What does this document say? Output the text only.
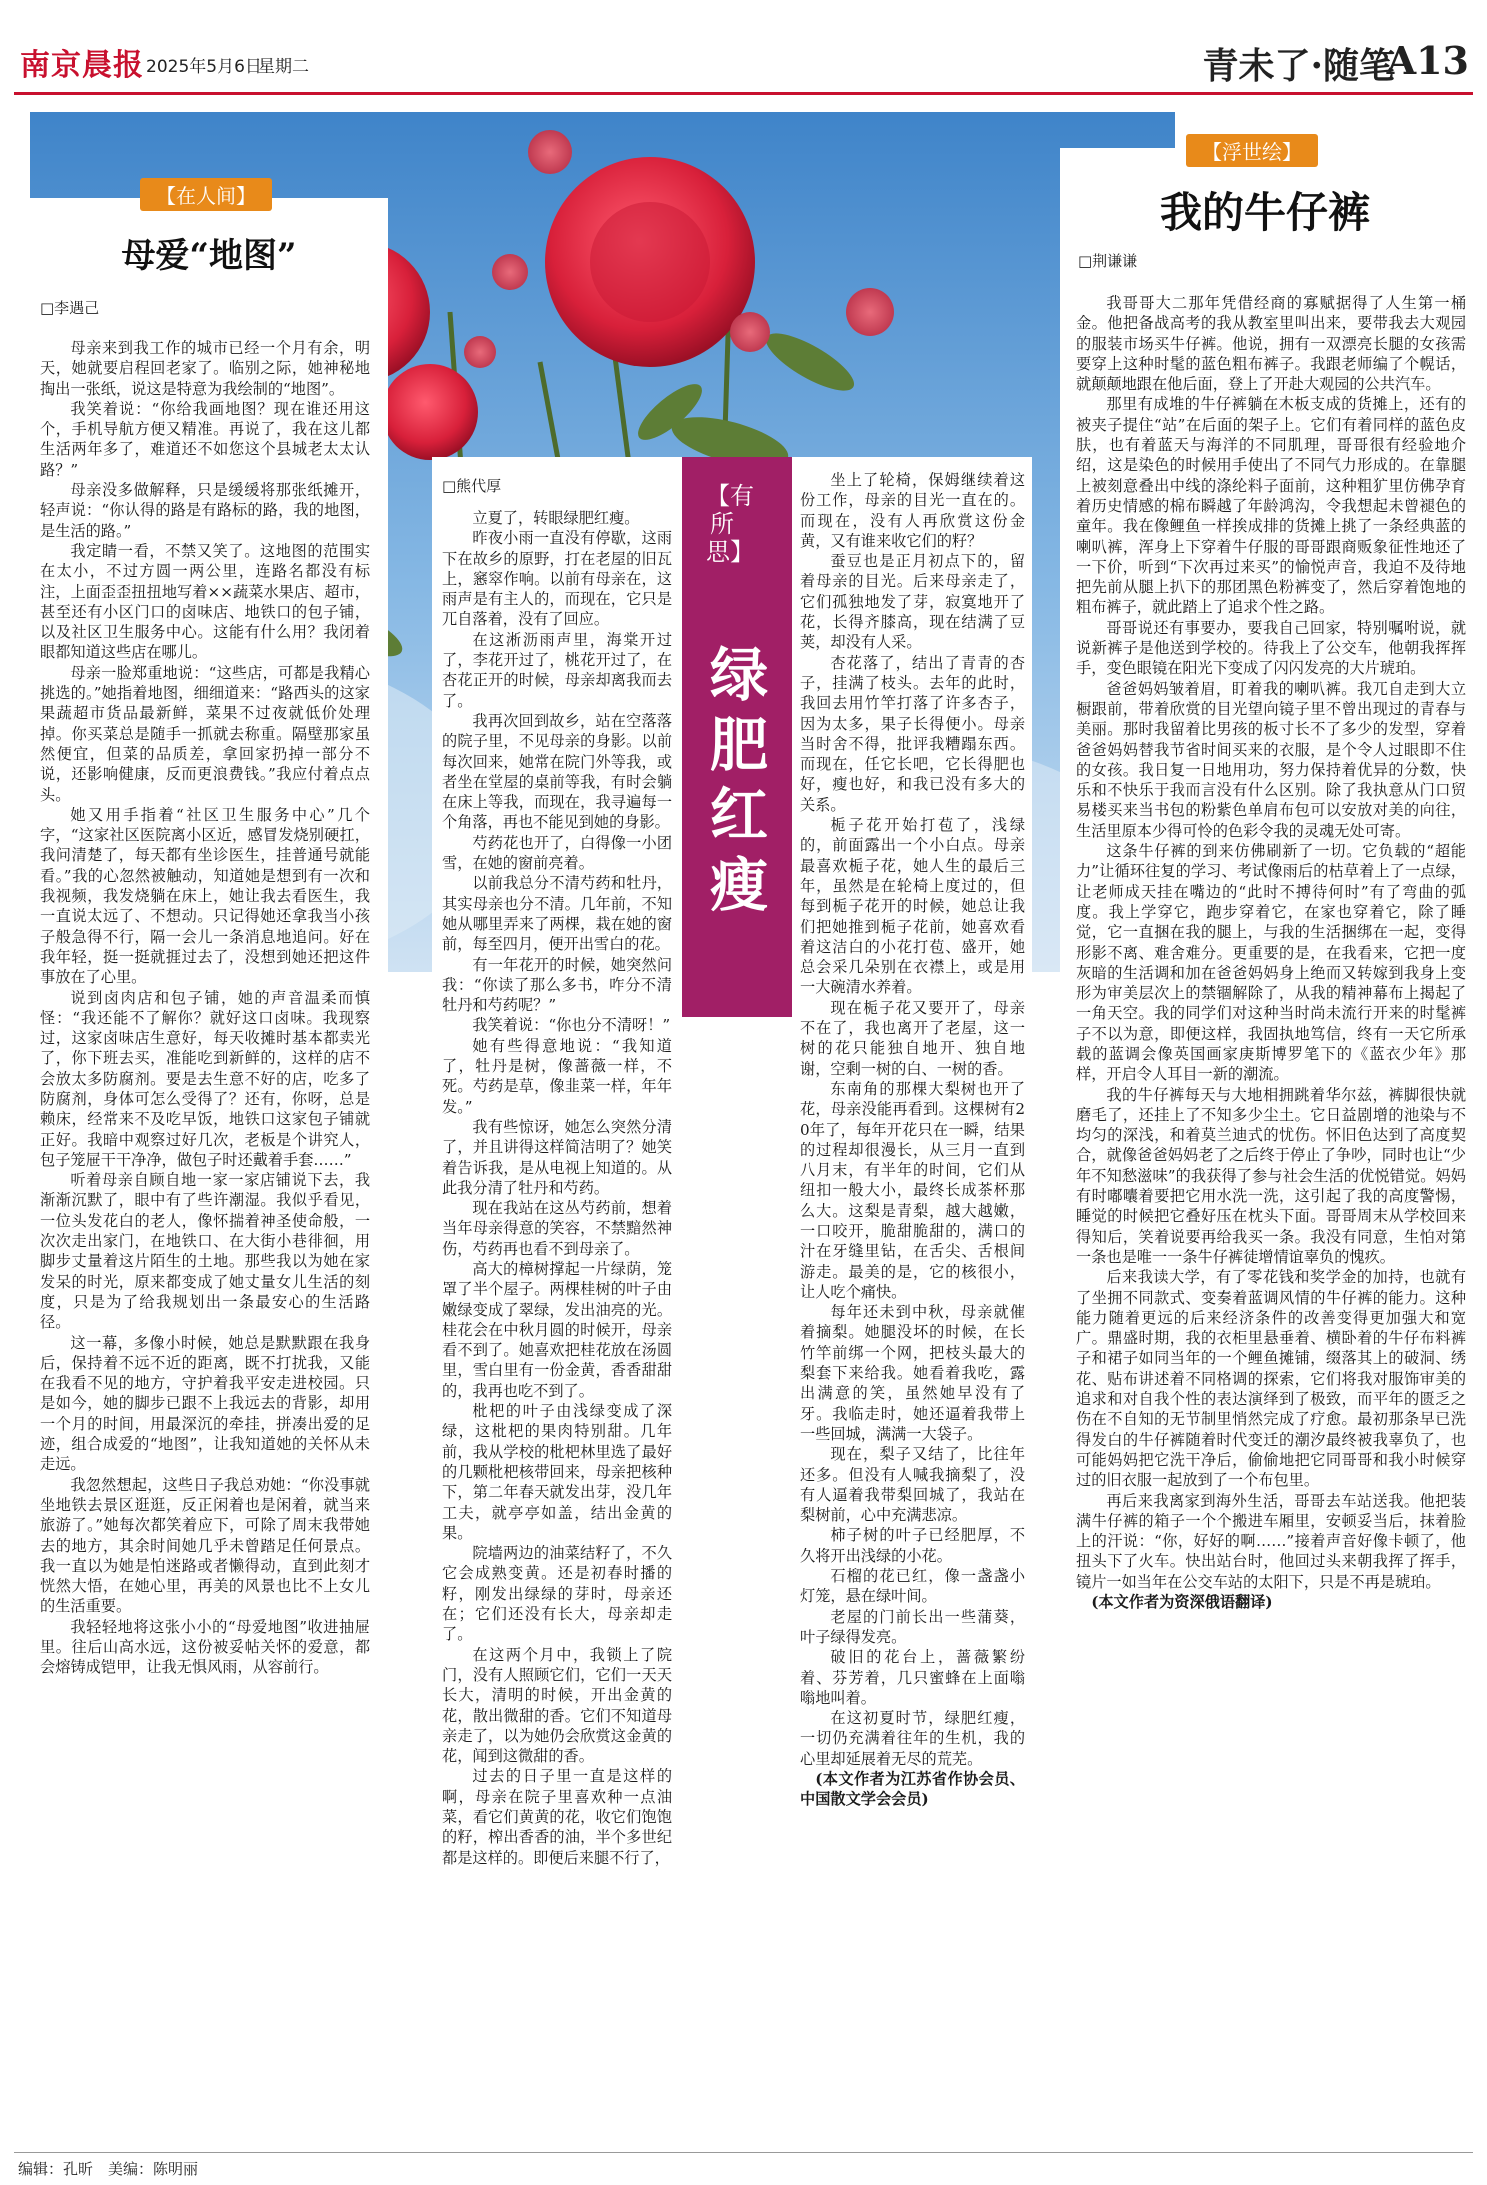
南京晨报 2025年5月6日
星期二	青未了·随笔
A13
【在人间】
母爱“地图”
□李遇己

母亲来到我工作的城市已经一个月有余，明天，她就要启程回老家了。临别之际，她神秘地掏出一张纸，说这是特意为我绘制的“地图”。

我笑着说：“你给我画地图？现在谁还用这个，手机导航方便又精准。再说了，我在这儿都生活两年多了，难道还不如您这个县城老太太认路？”

母亲没多做解释，只是缓缓将那张纸摊开，轻声说：“你认得的路是有路标的路，我的地图，是生活的路。”

我定睛一看，不禁又笑了。这地图的范围实在太小，不过方圆一两公里，连路名都没有标注，上面歪歪扭扭地写着××蔬菜水果店、超市，甚至还有小区门口的卤味店、地铁口的包子铺，以及社区卫生服务中心。这能有什么用？我闭着眼都知道这些店在哪儿。

母亲一脸郑重地说：“这些店，可都是我精心挑选的。”她指着地图，细细道来：“路西头的这家果蔬超市货品最新鲜，菜果不过夜就低价处理掉。你买菜总是随手一抓就去称重。隔壁那家虽然便宜，但菜的品质差，拿回家扔掉一部分不说，还影响健康，反而更浪费钱。”我应付着点点头。

她又用手指着“社区卫生服务中心”几个字，“这家社区医院离小区近，感冒发烧别硬扛，我问清楚了，每天都有坐诊医生，挂普通号就能看。”我的心忽然被触动，知道她是想到有一次和我视频，我发烧躺在床上，她让我去看医生，我一直说太远了、不想动。只记得她还拿我当小孩子般急得不行，隔一会儿一条消息地追问。好在我年轻，挺一挺就捱过去了，没想到她还把这件事放在了心里。

说到卤肉店和包子铺，她的声音温柔而慎怪：“我还能不了解你？就好这口卤味。我现察过，这家卤味店生意好，每天收摊时基本都卖光了，你下班去买，准能吃到新鲜的，这样的店不会放太多防腐剂。要是去生意不好的店，吃多了防腐剂，身体可怎么受得了？还有，你呀，总是赖床，经常来不及吃早饭，地铁口这家包子铺就正好。我暗中观察过好几次，老板是个讲究人，包子笼屉干干净净，做包子时还戴着手套……”

听着母亲自顾自地一家一家店铺说下去，我渐渐沉默了，眼中有了些许潮湿。我似乎看见，一位头发花白的老人，像怀揣着神圣使命般，一次次走出家门，在地铁口、在大街小巷徘徊，用脚步丈量着这片陌生的土地。那些我以为她在家发呆的时光，原来都变成了她丈量女儿生活的刻度，只是为了给我规划出一条最安心的生活路径。

这一幕，多像小时候，她总是默默跟在我身后，保持着不远不近的距离，既不打扰我，又能在我看不见的地方，守护着我平安走进校园。只是如今，她的脚步已跟不上我远去的背影，却用一个月的时间，用最深沉的牵挂，拼凑出爱的足迹，组合成爱的“地图”，让我知道她的关怀从未走远。

我忽然想起，这些日子我总劝她：“你没事就坐地铁去景区逛逛，反正闲着也是闲着，就当来旅游了。”她每次都笑着应下，可除了周末我带她去的地方，其余时间她几乎未曾踏足任何景点。我一直以为她是怕迷路或者懒得动，直到此刻才恍然大悟，在她心里，再美的风景也比不上女儿的生活重要。

我轻轻地将这张小小的“母爱地图”收进抽屉里。往后山高水远，这份被妥帖关怀的爱意，都会熔铸成铠甲，让我无惧风雨，从容前行。

□熊代厚

立夏了，转眼绿肥红瘦。

昨夜小雨一直没有停歇，这雨下在故乡的原野，打在老屋的旧瓦上，窸窣作响。以前有母亲在，这雨声是有主人的，而现在，它只是兀自落着，没有了回应。

在这淅沥雨声里，海棠开过了，李花开过了，桃花开过了，在杏花正开的时候，母亲却离我而去了。

我再次回到故乡，站在空落落的院子里，不见母亲的身影。以前每次回来，她常在院门外等我，或者坐在堂屋的桌前等我，有时会躺在床上等我，而现在，我寻遍每一个角落，再也不能见到她的身影。

芍药花也开了，白得像一小团雪，在她的窗前亮着。

以前我总分不清芍药和牡丹，其实母亲也分不清。几年前，不知她从哪里弄来了两棵，栽在她的窗前，每至四月，便开出雪白的花。

有一年花开的时候，她突然问我：“你读了那么多书，咋分不清牡丹和芍药呢？”

我笑着说：“你也分不清呀！”

她有些得意地说：“我知道了，牡丹是树，像蔷薇一样，不死。芍药是草，像韭菜一样，年年发。”

我有些惊讶，她怎么突然分清了，并且讲得这样简洁明了？她笑着告诉我，是从电视上知道的。从此我分清了牡丹和芍药。

现在我站在这丛芍药前，想着当年母亲得意的笑容，不禁黯然神伤，芍药再也看不到母亲了。

高大的樟树撑起一片绿荫，笼罩了半个屋子。两棵桂树的叶子由嫩绿变成了翠绿，发出油亮的光。桂花会在中秋月圆的时候开，母亲看不到了。她喜欢把桂花放在汤圆里，雪白里有一份金黄，香香甜甜的，我再也吃不到了。

枇杷的叶子由浅绿变成了深绿，这枇杷的果肉特别甜。几年前，我从学校的枇杷林里选了最好的几颗枇杷核带回来，母亲把核种下，第二年春天就发出芽，没几年工夫，就亭亭如盖，结出金黄的果。

院墙两边的油菜结籽了，不久它会成熟变黄。还是初春时播的籽，刚发出绿绿的芽时，母亲还在；它们还没有长大，母亲却走了。

在这两个月中，我锁上了院门，没有人照顾它们，它们一天天长大，清明的时候，开出金黄的花，散出微甜的香。它们不知道母亲走了，以为她仍会欣赏这金黄的花，闻到这微甜的香。

过去的日子里一直是这样的啊，母亲在院子里喜欢种一点油菜，看它们黄黄的花，收它们饱饱的籽，榨出香香的油，半个多世纪都是这样的。即便后来腿不行了，

【有所思】
绿肥红瘦

坐上了轮椅，保姆继续着这份工作，母亲的目光一直在的。而现在，没有人再欣赏这份金黄，又有谁来收它们的籽？

蚕豆也是正月初点下的，留着母亲的目光。后来母亲走了，它们孤独地发了芽，寂寞地开了花，长得齐膝高，现在结满了豆荚，却没有人采。

杏花落了，结出了青青的杏子，挂满了枝头。去年的此时，我回去用竹竿打落了许多杏子，因为太多，果子长得便小。母亲当时舍不得，批评我糟蹋东西。而现在，任它长吧，它长得肥也好，瘦也好，和我已没有多大的关系。

栀子花开始打苞了，浅绿的，前面露出一个小白点。母亲最喜欢栀子花，她人生的最后三年，虽然是在轮椅上度过的，但每到栀子花开的时候，她总让我们把她推到栀子花前，她喜欢看着这洁白的小花打苞、盛开，她总会采几朵别在衣襟上，或是用一大碗清水养着。

现在栀子花又要开了，母亲不在了，我也离开了老屋，这一树的花只能独自地开、独自地谢，空剩一树的白、一树的香。

东南角的那棵大梨树也开了花，母亲没能再看到。这棵树有20年了，每年开花只在一瞬，结果的过程却很漫长，从三月一直到八月末，有半年的时间，它们从纽扣一般大小，最终长成茶杯那么大。这梨是青梨，越大越嫩，一口咬开，脆甜脆甜的，满口的汁在牙缝里钻，在舌尖、舌根间游走。最美的是，它的核很小，让人吃个痛快。

每年还未到中秋，母亲就催着摘梨。她腿没坏的时候，在长竹竿前绑一个网，把枝头最大的梨套下来给我。她看着我吃，露出满意的笑，虽然她早没有了牙。我临走时，她还逼着我带上一些回城，满满一大袋子。

现在，梨子又结了，比往年还多。但没有人喊我摘梨了，没有人逼着我带梨回城了，我站在梨树前，心中充满悲凉。

柿子树的叶子已经肥厚，不久将开出浅绿的小花。

石榴的花已红，像一盏盏小灯笼，悬在绿叶间。

老屋的门前长出一些蒲葵，叶子绿得发亮。

破旧的花台上，蔷薇繁纷着、芬芳着，几只蜜蜂在上面嗡嗡地叫着。

在这初夏时节，绿肥红瘦，一切仍充满着往年的生机，我的心里却延展着无尽的荒芜。

(本文作者为江苏省作协会员、中国散文学会会员)

【浮世绘】
我的牛仔裤
□荆谦谦

我哥哥大二那年凭借经商的寡赋据得了人生第一桶金。他把备战高考的我从教室里叫出来，要带我去大观园的服装市场买牛仔裤。他说，拥有一双漂亮长腿的女孩需要穿上这种时髦的蓝色粗布裤子。我跟老师编了个幌话，就颠颠地跟在他后面，登上了开赴大观园的公共汽车。

那里有成堆的牛仔裤躺在木板支成的货摊上，还有的被夹子提住“站”在后面的架子上。它们有着同样的蓝色皮肤，也有着蓝天与海洋的不同肌理，哥哥很有经验地介绍，这是染色的时候用手使出了不同气力形成的。在靠腿上被刻意叠出中线的涤纶料子面前，这种粗犷里仿佛孕育着历史情感的棉布瞬越了年龄鸿沟，令我想起未曾褪色的童年。我在像鲤鱼一样挨成排的货摊上挑了一条经典蓝的喇叭裤，浑身上下穿着牛仔服的哥哥跟商贩象征性地还了一下价，听到“下次再过来买”的愉悦声音，我迫不及待地把先前从腿上扒下的那团黑色粉裤变了，然后穿着饱地的粗布裤子，就此踏上了追求个性之路。

哥哥说还有事要办，要我自己回家，特别嘱咐说，就说新裤子是他送到学校的。待我上了公交车，他朝我挥挥手，变色眼镜在阳光下变成了闪闪发亮的大片琥珀。

爸爸妈妈皱着眉，盯着我的喇叭裤。我兀自走到大立橱跟前，带着欣赏的目光望向镜子里不曾出现过的青春与美丽。那时我留着比男孩的板寸长不了多少的发型，穿着爸爸妈妈替我节省时间买来的衣服，是个令人过眼即不住的女孩。我日复一日地用功，努力保持着优异的分数，快乐和不快乐于我而言没有什么区别。除了我执意从门口贸易楼买来当书包的粉紫色单肩布包可以安放对美的向往，生活里原本少得可怜的色彩令我的灵魂无处可寄。

这条牛仔裤的到来仿佛刷新了一切。它负载的“超能力”让循环往复的学习、考试像雨后的枯草着上了一点绿，让老师成天挂在嘴边的“此时不搏待何时”有了弯曲的弧度。我上学穿它，跑步穿着它，在家也穿着它，除了睡觉，它一直捆在我的腿上，与我的生活捆绑在一起，变得形影不离、难舍难分。更重要的是，在我看来，它把一度灰暗的生活调和加在爸爸妈妈身上绝而又转嫁到我身上变形为审美层次上的禁锢解除了，从我的精神幕布上揭起了一角天空。我的同学们对这种当时尚未流行开来的时髦裤子不以为意，即便这样，我固执地笃信，终有一天它所承载的蓝调会像英国画家庚斯博罗笔下的《蓝衣少年》那样，开启令人耳目一新的潮流。

我的牛仔裤每天与大地相拥跳着华尔兹，裤脚很快就磨毛了，还挂上了不知多少尘土。它日益剧增的池染与不均匀的深浅，和着莫兰迪式的忧伤。怀旧色达到了高度契合，就像爸爸妈妈老了之后终于停止了争吵，同时也让“少年不知愁滋味”的我获得了参与社会生活的优悦错觉。妈妈有时嘟囔着要把它用水洗一洗，这引起了我的高度警惕，睡觉的时候把它叠好压在枕头下面。哥哥周末从学校回来得知后，笑着说要再给我买一条。我没有同意，生怕对第一条也是唯一一条牛仔裤徒增情谊辜负的愧疚。

后来我读大学，有了零花钱和奖学金的加持，也就有了坐拥不同款式、变奏着蓝调风情的牛仔裤的能力。这种能力随着更远的后来经济条件的改善变得更加强大和宽广。鼎盛时期，我的衣柜里悬垂着、横卧着的牛仔布料裤子和裙子如同当年的一个鲤鱼摊铺，缀落其上的破洞、绣花、贴布讲述着不同格调的探索，它们将我对服饰审美的追求和对自我个性的表达演绎到了极致，而平年的匮乏之伤在不自知的无节制里悄然完成了疗愈。最初那条早已洗得发白的牛仔裤随着时代变迁的潮汐最终被我辜负了，也可能妈妈把它洗干净后，偷偷地把它同哥哥和我小时候穿过的旧衣服一起放到了一个布包里。

再后来我离家到海外生活，哥哥去车站送我。他把装满牛仔裤的箱子一个个搬进车厢里，安顿妥当后，抹着脸上的汗说：“你，好好的啊……”接着声音好像卡顿了，他扭头下了火车。快出站台时，他回过头来朝我挥了挥手，镜片一如当年在公交车站的太阳下，只是不再是琥珀。

(本文作者为资深俄语翻译)

编辑：孔昕　美编：陈明丽
